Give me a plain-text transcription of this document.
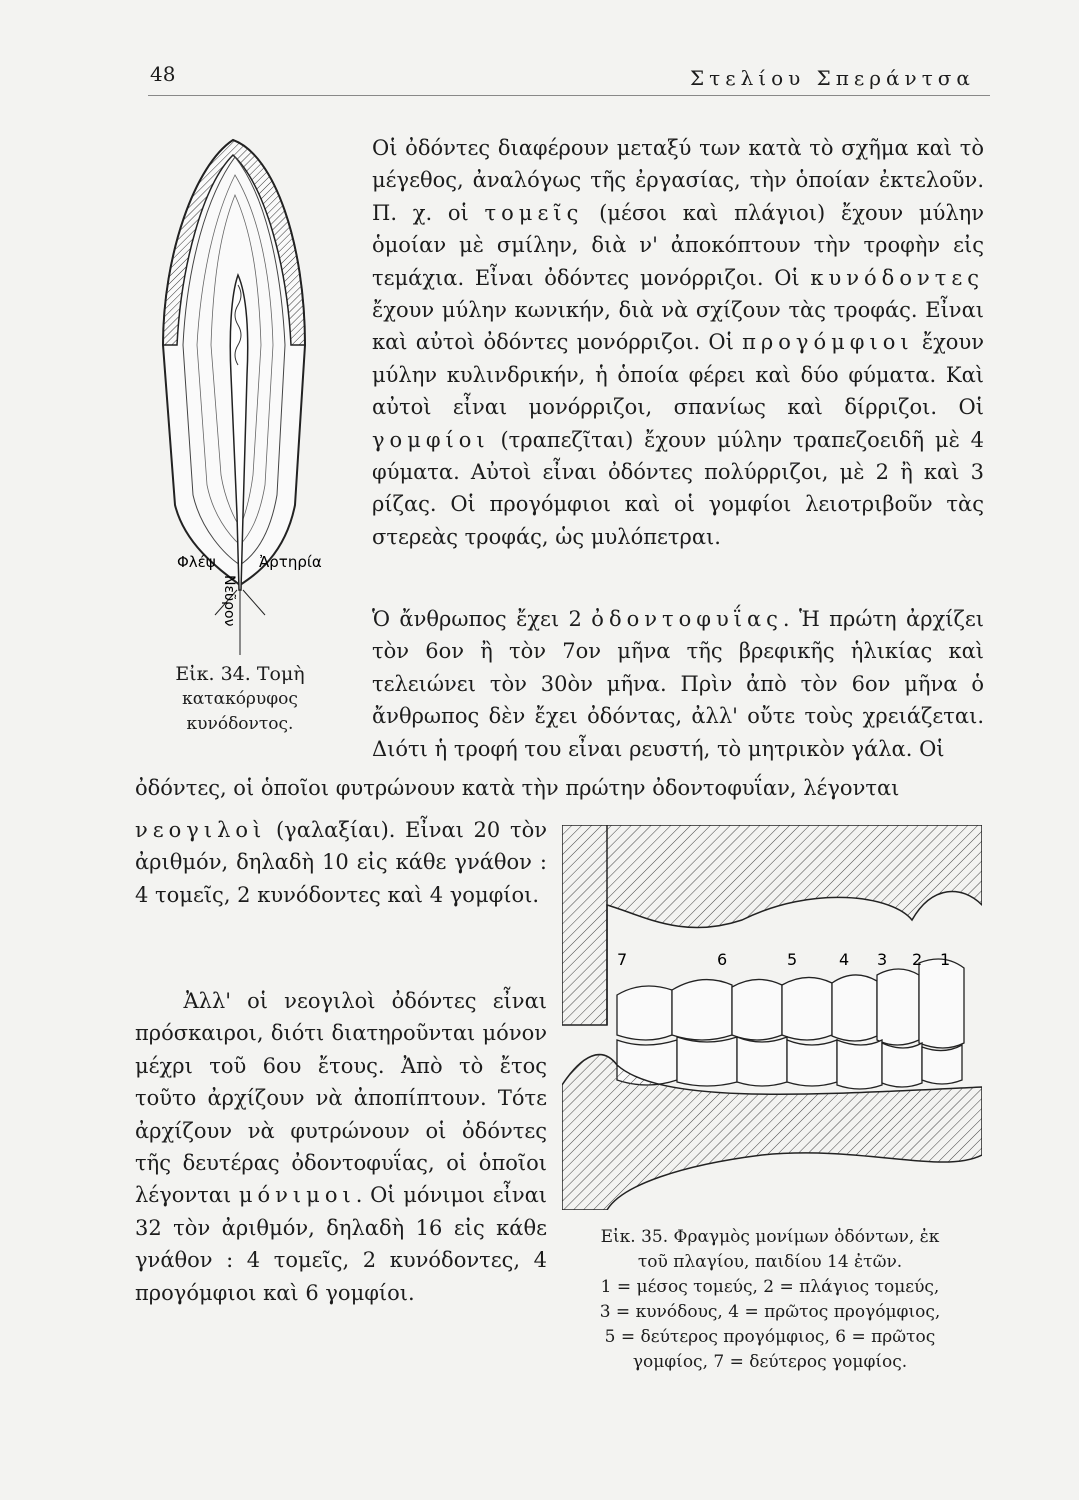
48	Στελίου Σπεράντσα
Φλέψ	Ἀρτηρία
Νεῦρον
Εἰκ. 34. Τομὴ
κατακόρυφος
κυνόδοντος.

Οἱ ὀδόντες διαφέρουν μεταξύ των κατὰ τὸ σχῆμα καὶ τὸ μέγεθος, ἀναλόγως τῆς ἐργασίας, τὴν ὁποίαν ἐκτελοῦν. Π. χ. οἱ τομεῖς (μέσοι καὶ πλάγιοι) ἔχουν μύλην ὁμοίαν μὲ σμίλην, διὰ ν' ἀποκόπτουν τὴν τροφὴν εἰς τεμάχια. Εἶναι ὀδόντες μονόρριζοι. Οἱ κυνόδοντες ἔχουν μύλην κωνικήν, διὰ νὰ σχίζουν τὰς τροφάς. Εἶναι καὶ αὐτοὶ ὀδόντες μονόρριζοι. Οἱ προγόμφιοι ἔχουν μύλην κυλινδρικήν, ἡ ὁποία φέρει καὶ δύο φύματα. Καὶ αὐτοὶ εἶναι μονόρριζοι, σπανίως καὶ δίρριζοι. Οἱ γομφίοι (τραπεζῖται) ἔχουν μύλην τραπεζοειδῆ μὲ 4 φύματα. Αὐτοὶ εἶναι ὀδόντες πολύρριζοι, μὲ 2 ἢ καὶ 3 ρίζας. Οἱ προγόμφιοι καὶ οἱ γομφίοι λειοτριβοῦν τὰς στερεὰς τροφάς, ὡς μυλόπετραι.

Ὁ ἄνθρωπος ἔχει 2 ὀδοντοφυΐας. Ἡ πρώτη ἀρχίζει τὸν 6ον ἢ τὸν 7ον μῆνα τῆς βρεφικῆς ἡλικίας καὶ τελειώνει τὸν 30ὸν μῆνα. Πρὶν ἀπὸ τὸν 6ον μῆνα ὁ ἄνθρωπος δὲν ἔχει ὀδόντας, ἀλλ' οὔτε τοὺς χρειάζεται. Διότι ἡ τροφή του εἶναι ρευστή, τὸ μητρικὸν γάλα. Οἱ

ὀδόντες, οἱ ὁποῖοι φυτρώνουν κατὰ τὴν πρώτην ὀδοντοφυΐαν, λέγονται

νεογιλοὶ (γαλαξίαι). Εἶναι 20 τὸν ἀριθμόν, δηλαδὴ 10 εἰς κάθε γνάθον : 4 τομεῖς, 2 κυνόδοντες καὶ 4 γομφίοι.

Ἀλλ' οἱ νεογιλοὶ ὀδόντες εἶναι πρόσκαιροι, διότι διατηροῦνται μόνον μέχρι τοῦ 6ου ἔτους. Ἀπὸ τὸ ἔτος τοῦτο ἀρχίζουν νὰ ἀποπίπτουν. Τότε ἀρχίζουν νὰ φυτρώνουν οἱ ὀδόντες τῆς δευτέρας ὀδοντοφυΐας, οἱ ὁποῖοι λέγονται μόνιμοι. Οἱ μόνιμοι εἶναι 32 τὸν ἀριθμόν, δηλαδὴ 16 εἰς κάθε γνάθον : 4 τομεῖς, 2 κυνόδοντες, 4 προγόμφιοι καὶ 6 γομφίοι.

7	6	5	4 3 2 1
Εἰκ. 35. Φραγμὸς μονίμων ὀδόντων, ἐκ
τοῦ πλαγίου, παιδίου 14 ἐτῶν.
1 = μέσος τομεύς, 2 = πλάγιος τομεύς,
3 = κυνόδους, 4 = πρῶτος προγόμφιος,
5 = δεύτερος προγόμφιος, 6 = πρῶτος
γομφίος, 7 = δεύτερος γομφίος.
